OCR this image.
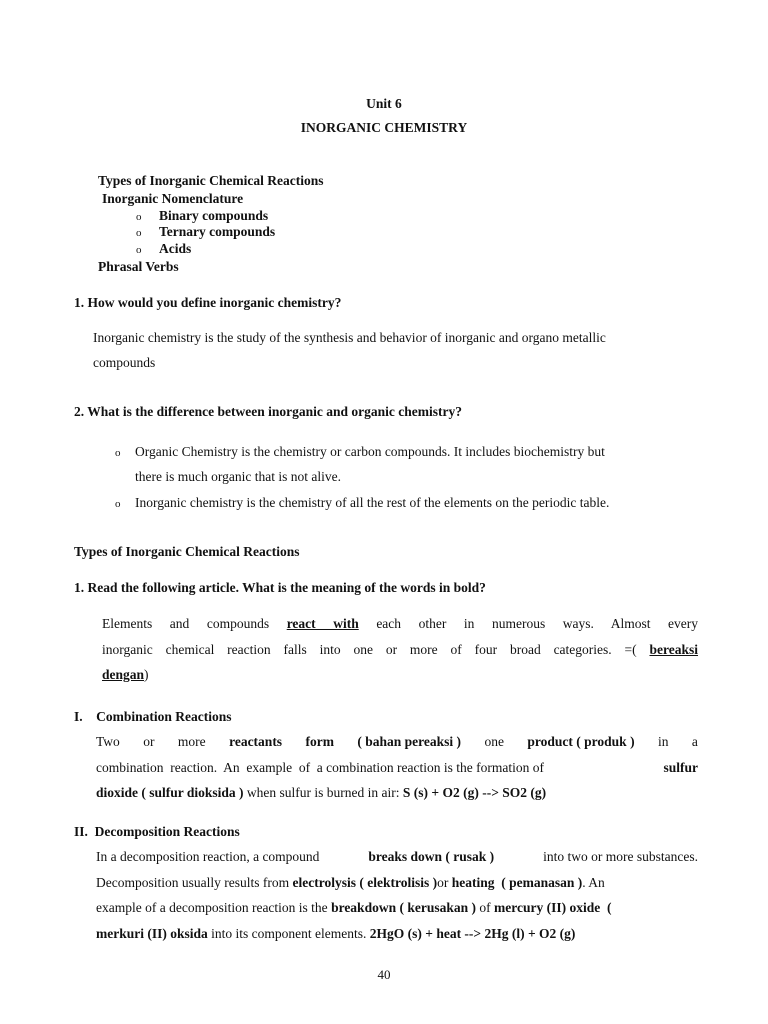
Unit 6
INORGANIC CHEMISTRY
Types of Inorganic Chemical Reactions
Inorganic Nomenclature
o Binary compounds
o Ternary compounds
o Acids
Phrasal Verbs
1. How would you define inorganic chemistry?
Inorganic chemistry is the study of the synthesis and behavior of inorganic and organo metallic
compounds
2. What is the difference between inorganic and organic chemistry?
o Organic Chemistry is the chemistry or carbon compounds. It includes biochemistry but
there is much organic that is not alive.
o Inorganic chemistry is the chemistry of all the rest of the elements on the periodic table.
Types of Inorganic Chemical Reactions
1. Read the following article. What is the meaning of the words in bold?
Elements and compounds react with each other in numerous ways. Almost every
inorganic chemical reaction falls into one or more of four broad categories. =( bereaksi
dengan)
I.    Combination Reactions
Two or more reactants form ( bahan pereaksi ) one product ( produk ) in a
combination  reaction.  An  example  of  a combination reaction is the formation of	sulfur
dioxide ( sulfur dioksida ) when sulfur is burned in air: S (s) + O2 (g) --> SO2 (g)
II.  Decomposition Reactions
In a decomposition reaction, a compound	breaks down ( rusak )	into two or more substances.
Decomposition usually results from electrolysis ( elektrolisis )or heating  ( pemanasan ). An
example of a decomposition reaction is the breakdown ( kerusakan ) of mercury (II) oxide  (
merkuri (II) oksida into its component elements. 2HgO (s) + heat --> 2Hg (l) + O2 (g)
40
